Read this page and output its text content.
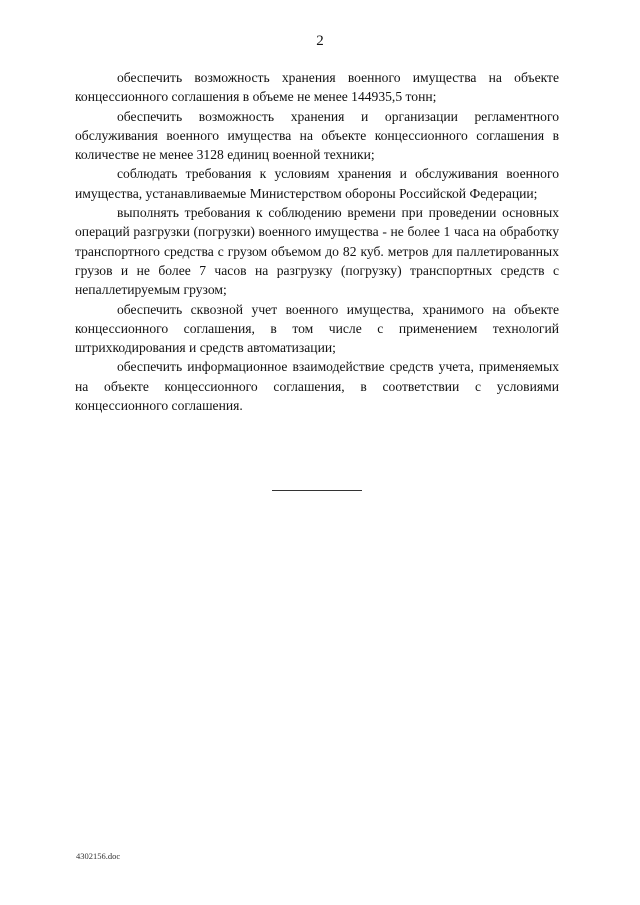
2

обеспечить возможность хранения военного имущества на объекте концессионного соглашения в объеме не менее 144935,5 тонн;

обеспечить возможность хранения и организации регламентного обслуживания военного имущества на объекте концессионного соглашения в количестве не менее 3128 единиц военной техники;

соблюдать требования к условиям хранения и обслуживания военного имущества, устанавливаемые Министерством обороны Российской Федерации;

выполнять требования к соблюдению времени при проведении основных операций разгрузки (погрузки) военного имущества - не более 1 часа на обработку транспортного средства с грузом объемом до 82 куб. метров для паллетированных грузов и не более 7 часов на разгрузку (погрузку) транспортных средств с непаллетируемым грузом;

обеспечить сквозной учет военного имущества, хранимого на объекте концессионного соглашения, в том числе с применением технологий штрихкодирования и средств автоматизации;

обеспечить информационное взаимодействие средств учета, применяемых на объекте концессионного соглашения, в соответствии с условиями концессионного соглашения.

4302156.doc
